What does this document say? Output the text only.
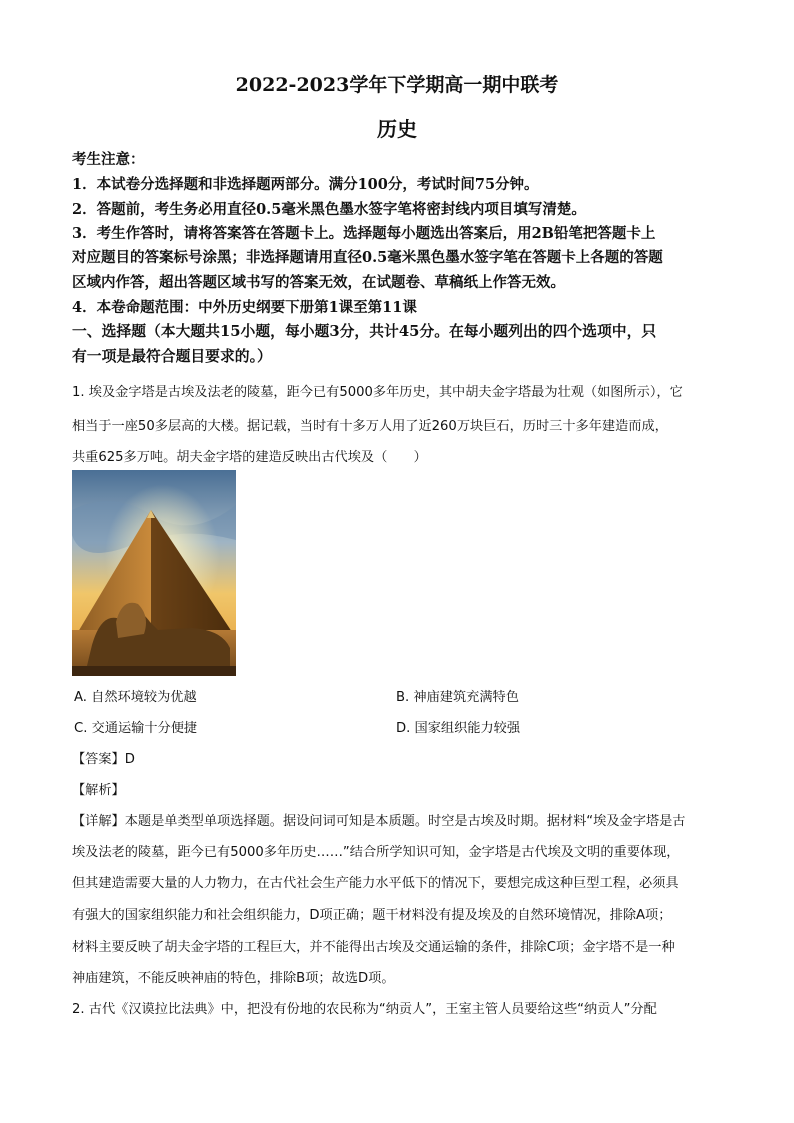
2022-2023学年下学期高一期中联考
历史
考生注意：
1．本试卷分选择题和非选择题两部分。满分100分，考试时间75分钟。
2．答题前，考生务必用直径0.5毫米黑色墨水签字笔将密封线内项目填写清楚。
3．考生作答时，请将答案答在答题卡上。选择题每小题选出答案后，用2B铅笔把答题卡上
对应题目的答案标号涂黑；非选择题请用直径0.5毫米黑色墨水签字笔在答题卡上各题的答题
区域内作答，超出答题区域书写的答案无效，在试题卷、草稿纸上作答无效。
4．本卷命题范围：中外历史纲要下册第1课至第11课
一、选择题（本大题共15小题，每小题3分，共计45分。在每小题列出的四个选项中，只
有一项是最符合题目要求的。）
1. 埃及金字塔是古埃及法老的陵墓，距今已有5000多年历史，其中胡夫金字塔最为壮观（如图所示），它
相当于一座50多层高的大楼。据记载，当时有十多万人用了近260万块巨石，历时三十多年建造而成，
共重625多万吨。胡夫金字塔的建造反映出古代埃及（　　）
A. 自然环境较为优越	B. 神庙建筑充满特色
C. 交通运输十分便捷	D. 国家组织能力较强
【答案】D
【解析】
【详解】本题是单类型单项选择题。据设问词可知是本质题。时空是古埃及时期。据材料“埃及金字塔是古
埃及法老的陵墓，距今已有5000多年历史……”结合所学知识可知，金字塔是古代埃及文明的重要体现，
但其建造需要大量的人力物力，在古代社会生产能力水平低下的情况下，要想完成这种巨型工程，必须具
有强大的国家组织能力和社会组织能力，D项正确；题干材料没有提及埃及的自然环境情况，排除A项；
材料主要反映了胡夫金字塔的工程巨大，并不能得出古埃及交通运输的条件，排除C项；金字塔不是一种
神庙建筑，不能反映神庙的特色，排除B项；故选D项。
2. 古代《汉谟拉比法典》中，把没有份地的农民称为“纳贡人”，王室主管人员要给这些“纳贡人”分配
